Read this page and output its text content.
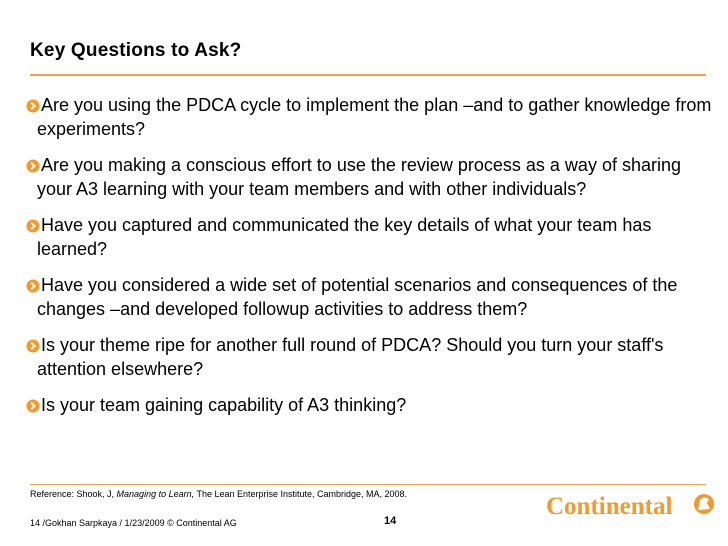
Key Questions to Ask?
Are you using the PDCA cycle to implement the plan –and to gather knowledge from experiments?
Are you making a conscious effort to use the review process as a way of sharing your A3 learning with your team members and with other individuals?
Have you captured and communicated the key details of what your team has learned?
Have you considered a wide set of potential scenarios and consequences of the changes –and developed followup activities to address them?
Is your theme ripe for another full round of PDCA? Should you turn your staff's attention elsewhere?
Is your team gaining capability of A3 thinking?
Reference: Shook, J, Managing to Learn, The Lean Enterprise Institute, Cambridge, MA, 2008.
14 /Gokhan Sarpkaya / 1/23/2009 © Continental AG	14
Continental
